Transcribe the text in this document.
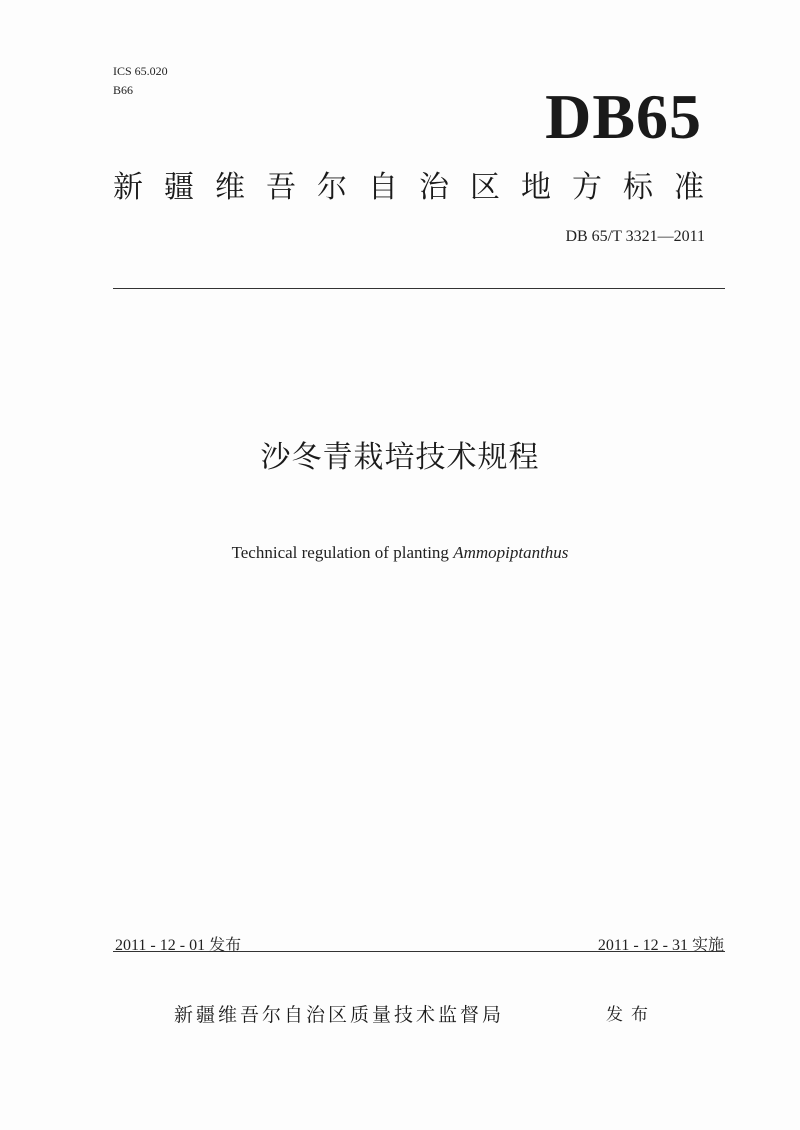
ICS 65.020
B66	DB65
新疆维吾尔自治区地方标准
DB 65/T 3321—2011
沙冬青栽培技术规程
Technical regulation of planting Ammopiptanthus
2011 - 12 - 01 发布	2011 - 12 - 31 实施
新疆维吾尔自治区质量技术监督局	发布
